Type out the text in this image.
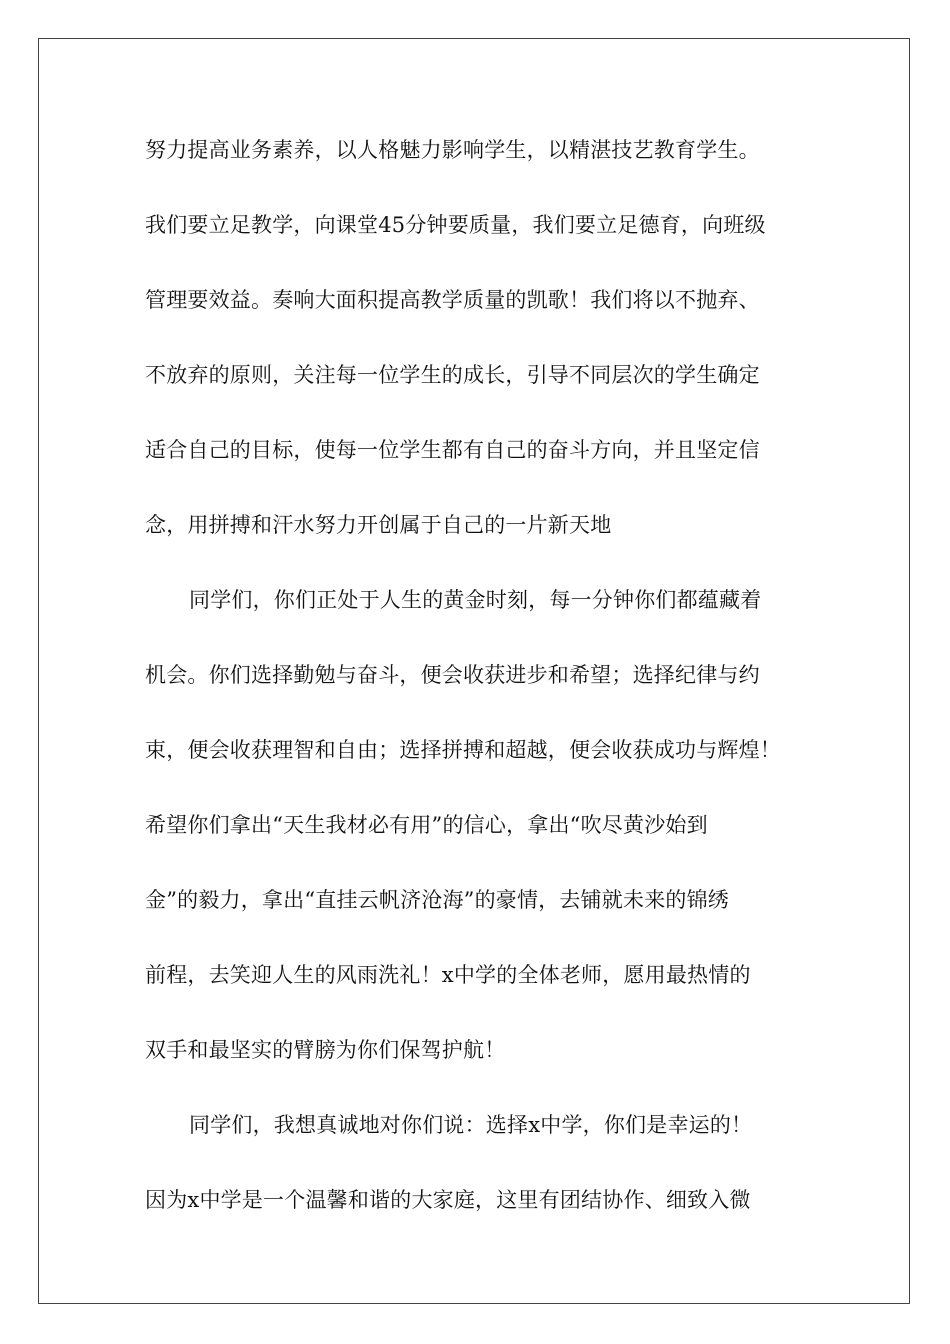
努力提高业务素养，以人格魅力影响学生，以精湛技艺教育学生。
我们要立足教学，向课堂45分钟要质量，我们要立足德育，向班级
管理要效益。奏响大面积提高教学质量的凯歌！我们将以不抛弃、
不放弃的原则，关注每一位学生的成长，引导不同层次的学生确定
适合自己的目标，使每一位学生都有自己的奋斗方向，并且坚定信
念，用拼搏和汗水努力开创属于自己的一片新天地
同学们，你们正处于人生的黄金时刻，每一分钟你们都蕴藏着
机会。你们选择勤勉与奋斗，便会收获进步和希望；选择纪律与约
束，便会收获理智和自由；选择拼搏和超越，便会收获成功与辉煌！
希望你们拿出“天生我材必有用”的信心，拿出“吹尽黄沙始到
金”的毅力，拿出“直挂云帆济沧海”的豪情，去铺就未来的锦绣
前程，去笑迎人生的风雨洗礼！x中学的全体老师，愿用最热情的
双手和最坚实的臂膀为你们保驾护航！
同学们，我想真诚地对你们说：选择x中学，你们是幸运的！
因为x中学是一个温馨和谐的大家庭，这里有团结协作、细致入微
